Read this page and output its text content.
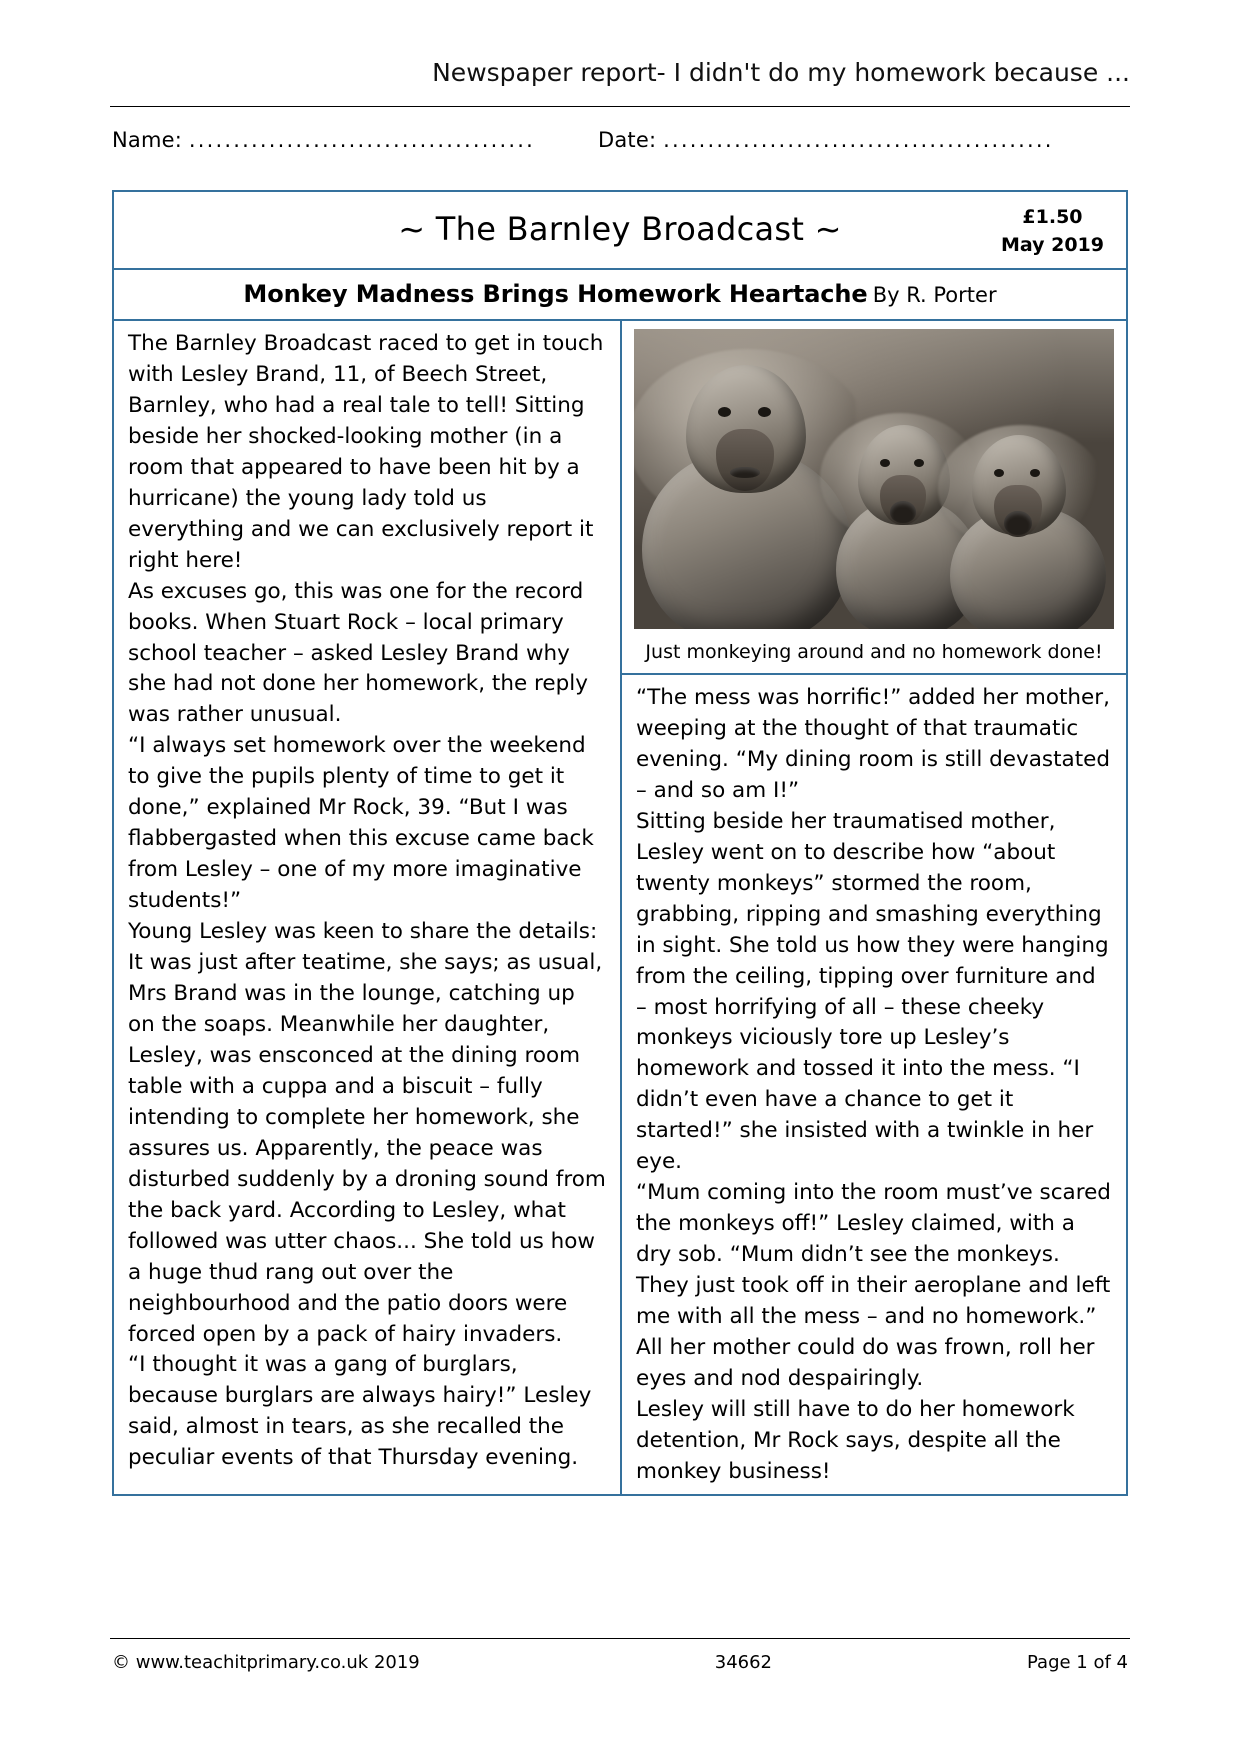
Newspaper report- I didn't do my homework because ...
Name: .......................................	Date: ............................................
~ The Barnley Broadcast ~	£1.50
May 2019
Monkey Madness Brings Homework Heartache By R. Porter

The Barnley Broadcast raced to get in touch with Lesley Brand, 11, of Beech Street, Barnley, who had a real tale to tell! Sitting beside her shocked-looking mother (in a room that appeared to have been hit by a hurricane) the young lady told us everything and we can exclusively report it right here!

As excuses go, this was one for the record books. When Stuart Rock – local primary school teacher – asked Lesley Brand why she had not done her homework, the reply was rather unusual.

“I always set homework over the weekend to give the pupils plenty of time to get it done,” explained Mr Rock, 39. “But I was flabbergasted when this excuse came back from Lesley – one of my more imaginative students!”

Young Lesley was keen to share the details: It was just after teatime, she says; as usual, Mrs Brand was in the lounge, catching up on the soaps. Meanwhile her daughter, Lesley, was ensconced at the dining room table with a cuppa and a biscuit – fully intending to complete her homework, she assures us. Apparently, the peace was disturbed suddenly by a droning sound from the back yard. According to Lesley, what followed was utter chaos... She told us how a huge thud rang out over the neighbourhood and the patio doors were forced open by a pack of hairy invaders.

“I thought it was a gang of burglars, because burglars are always hairy!” Lesley said, almost in tears, as she recalled the peculiar events of that Thursday evening.

Just monkeying around and no homework done!

“The mess was horrific!” added her mother, weeping at the thought of that traumatic evening. “My dining room is still devastated – and so am I!”

Sitting beside her traumatised mother, Lesley went on to describe how “about twenty monkeys” stormed the room, grabbing, ripping and smashing everything in sight. She told us how they were hanging from the ceiling, tipping over furniture and – most horrifying of all – these cheeky monkeys viciously tore up Lesley’s homework and tossed it into the mess. “I didn’t even have a chance to get it started!” she insisted with a twinkle in her eye.

“Mum coming into the room must’ve scared the monkeys off!” Lesley claimed, with a dry sob. “Mum didn’t see the monkeys. They just took off in their aeroplane and left me with all the mess – and no homework.” All her mother could do was frown, roll her eyes and nod despairingly.

Lesley will still have to do her homework detention, Mr Rock says, despite all the monkey business!

© www.teachitprimary.co.uk 2019	34662	Page 1 of 4
